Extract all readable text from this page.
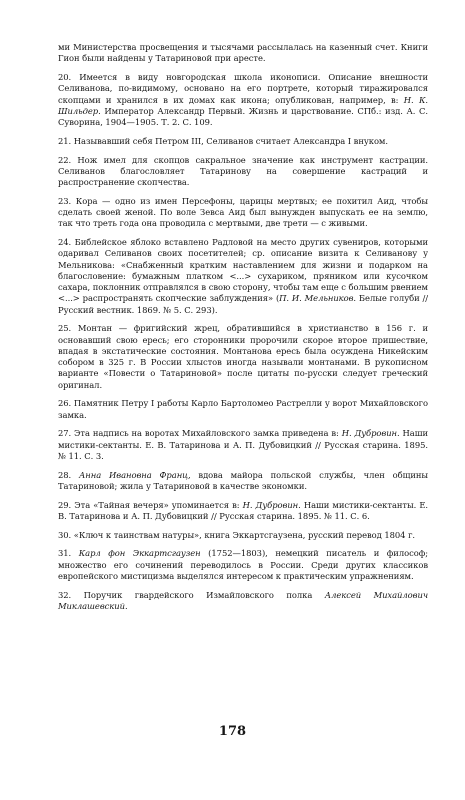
ми Министерства просвещения и тысячами рассылалась на казенный счет. Книги Гион были найдены у Татариновой при аресте.

20. Имеется в виду новгородская школа иконописи. Описание внешности Селиванова, по-видимому, основано на его портрете, который тиражировался скопцами и хранился в их домах как икона; опубликован, например, в: Н. К. Шильдер. Император Александр Первый. Жизнь и царствование. СПб.: изд. А. С. Суворина, 1904—1905. Т. 2. С. 109.

21. Называвший себя Петром III, Селиванов считает Александра I внуком.

22. Нож имел для скопцов сакральное значение как инструмент кастрации. Селиванов благословляет Татаринову на совершение кастраций и распространение скопчества.

23. Кора — одно из имен Персефоны, царицы мертвых; ее похитил Аид, чтобы сделать своей женой. По воле Зевса Аид был вынужден выпускать ее на землю, так что треть года она проводила с мертвыми, две трети — с живыми.

24. Библейское яблоко вставлено Радловой на место других сувениров, которыми одаривал Селиванов своих посетителей; ср. описание визита к Селиванову у Мельникова: «Снабженный кратким наставлением для жизни и подарком на благословение: бумажным платком <...> сухариком, пряником или кусочком сахара, поклонник отправлялся в свою сторону, чтобы там еще с большим рвением <...> распространять скопческие заблуждения» (П. И. Мельников. Белые голуби // Русский вестник. 1869. № 5. С. 293).

25. Монтан — фригийский жрец, обратившийся в христианство в 156 г. и основавший свою ересь; его сторонники пророчили скорое второе пришествие, впадая в экстатические состояния. Монтанова ересь была осуждена Никейским собором в 325 г. В России хлыстов иногда называли монтанами. В рукописном варианте «Повести о Татариновой» после цитаты по-русски следует греческий оригинал.

26. Памятник Петру I работы Карло Бартоломео Растрелли у ворот Михайловского замка.

27. Эта надпись на воротах Михайловского замка приведена в: Н. Дубровин. Наши мистики-сектанты. Е. В. Татаринова и А. П. Дубовицкий // Русская старина. 1895. № 11. С. 3.

28. Анна Ивановна Франц, вдова майора польской службы, член общины Татариновой; жила у Татариновой в качестве экономки.

29. Эта «Тайная вечеря» упоминается в: Н. Дубровин. Наши мистики-сектанты. Е. В. Татаринова и А. П. Дубовицкий // Русская старина. 1895. № 11. С. 6.

30. «Ключ к таинствам натуры», книга Эккартсгаузена, русский перевод 1804 г.

31. Карл фон Эккартсгаузен (1752—1803), немецкий писатель и философ; множество его сочинений переводилось в России. Среди других классиков европейского мистицизма выделялся интересом к практическим упражнениям.

32. Поручик гвардейского Измайловского полка Алексей Михайлович Миклашевский.

178
